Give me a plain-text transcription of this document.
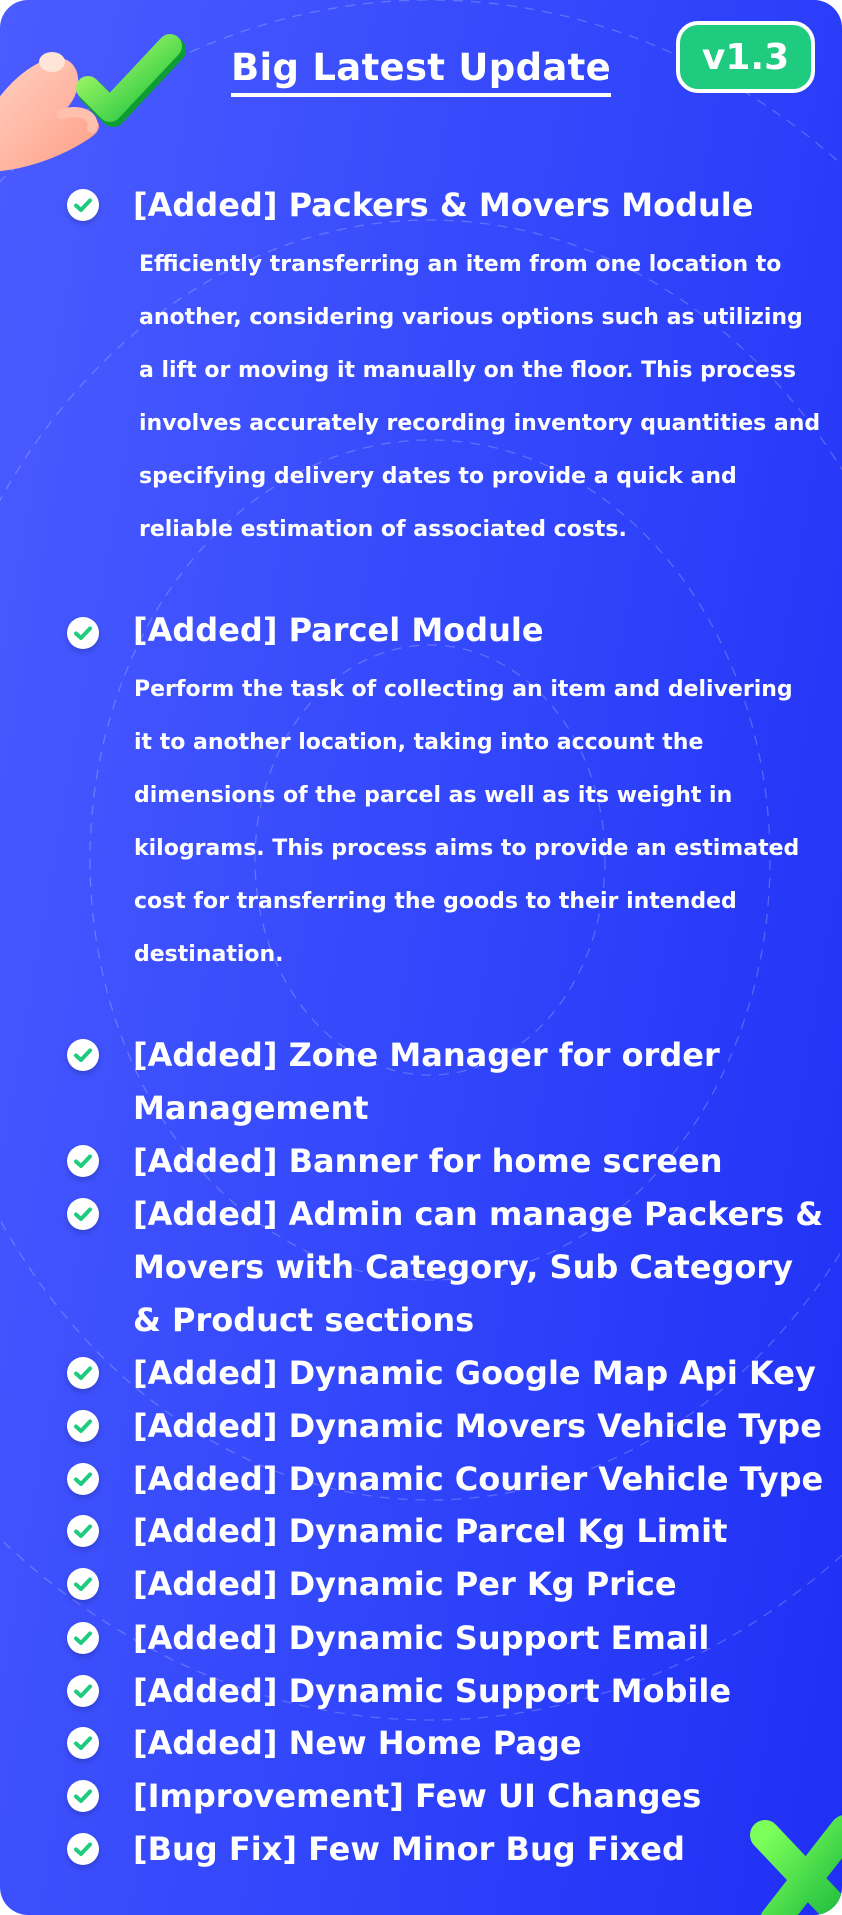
Big Latest Update	v1.3
[Added] Packers & Movers Module
Efficiently transferring an item from one location to
another, considering various options such as utilizing
a lift or moving it manually on the floor. This process
involves accurately recording inventory quantities and
specifying delivery dates to provide a quick and
reliable estimation of associated costs.
[Added] Parcel Module
Perform the task of collecting an item and delivering
it to another location, taking into account the
dimensions of the parcel as well as its weight in
kilograms. This process aims to provide an estimated
cost for transferring the goods to their intended
destination.
[Added] Zone Manager for order
Management
[Added] Banner for home screen
[Added] Admin can manage Packers &
Movers with Category, Sub Category
& Product sections
[Added] Dynamic Google Map Api Key
[Added] Dynamic Movers Vehicle Type
[Added] Dynamic Courier Vehicle Type
[Added] Dynamic Parcel Kg Limit
[Added] Dynamic Per Kg Price
[Added] Dynamic Support Email
[Added] Dynamic Support Mobile
[Added] New Home Page
[Improvement] Few UI Changes
[Bug Fix] Few Minor Bug Fixed
